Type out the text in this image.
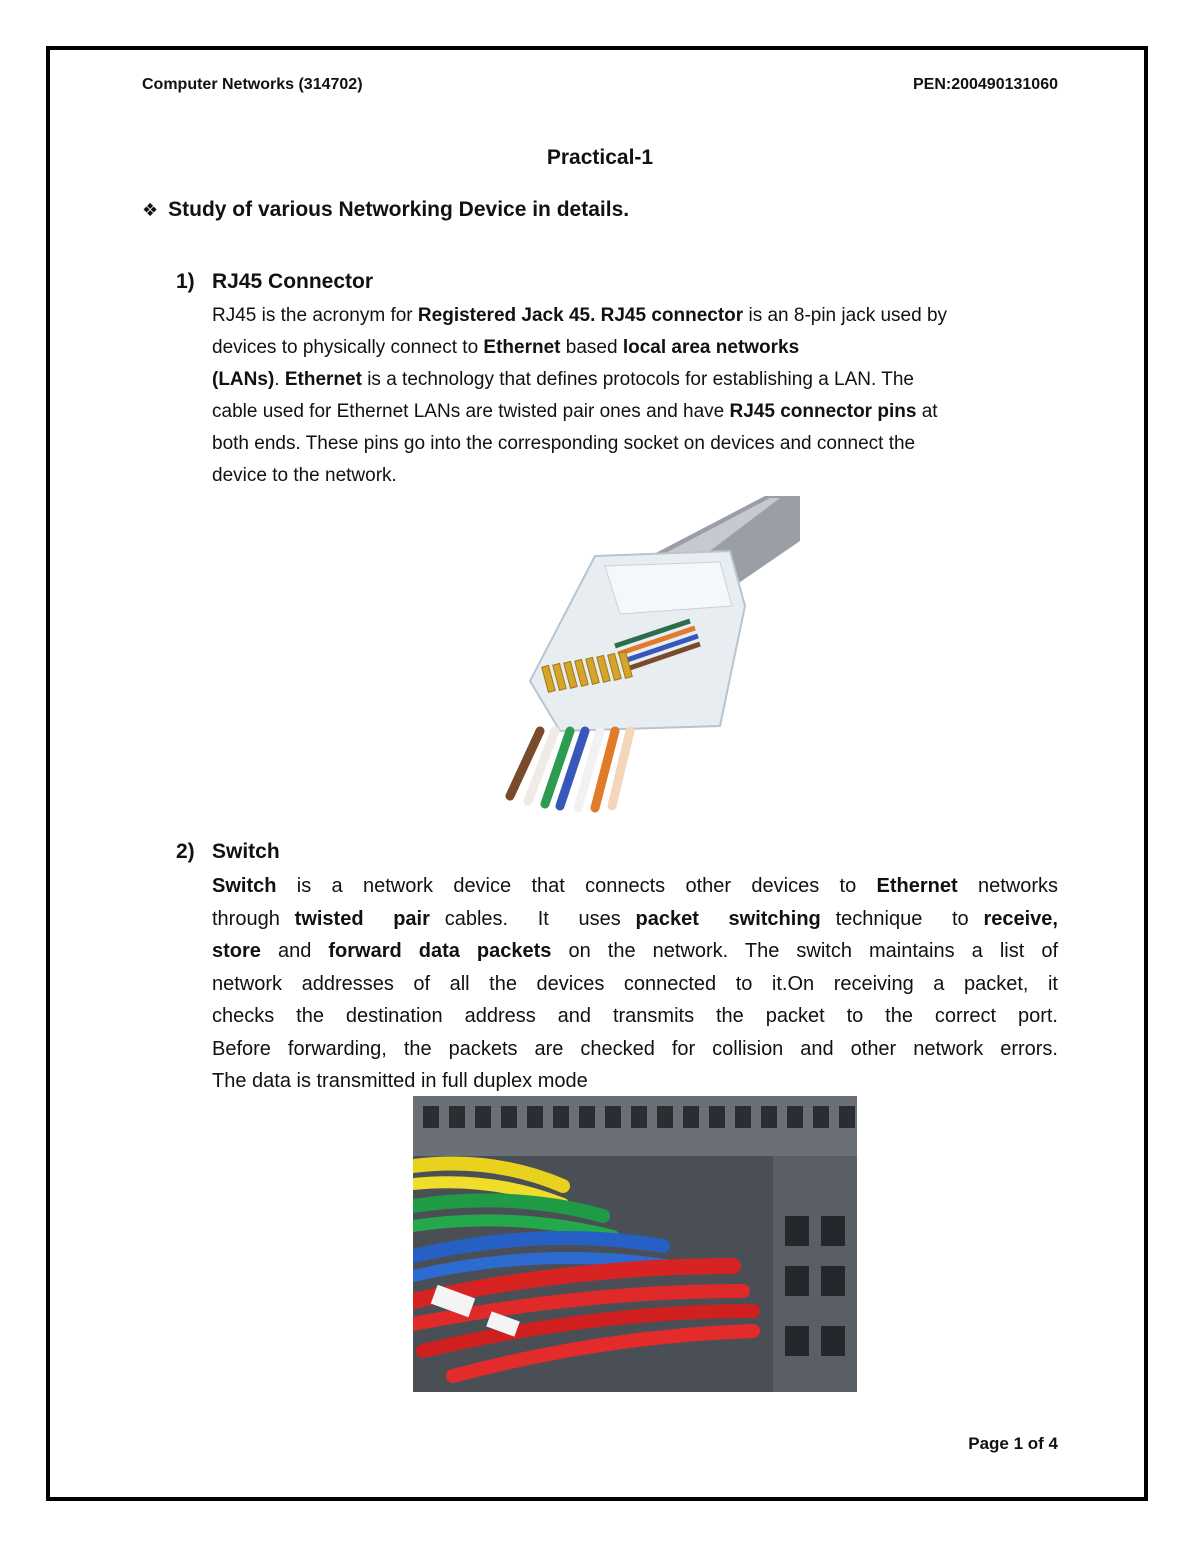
Computer Networks (314702)	PEN:200490131060
Practical-1
❖ Study of various Networking Device in details.
1) RJ45 Connector
RJ45 is the acronym for Registered Jack 45. RJ45 connector is an 8-pin jack used by
devices to physically connect to Ethernet based local area networks
(LANs). Ethernet is a technology that defines protocols for establishing a LAN. The
cable used for Ethernet LANs are twisted pair ones and have RJ45 connector pins at
both ends. These pins go into the corresponding socket on devices and connect the
device to the network.
2) Switch
Switch is a network device that connects other devices to Ethernet networks
through twisted  pair cables.  It  uses packet  switching technique  to receive,
store and forward data packets on the network. The switch maintains a list of
network addresses of all the devices connected to it.On receiving a packet, it
checks the destination address and transmits the packet to the correct port.
Before forwarding, the packets are checked for collision and other network errors.
The data is transmitted in full duplex mode
Page 1 of 4
